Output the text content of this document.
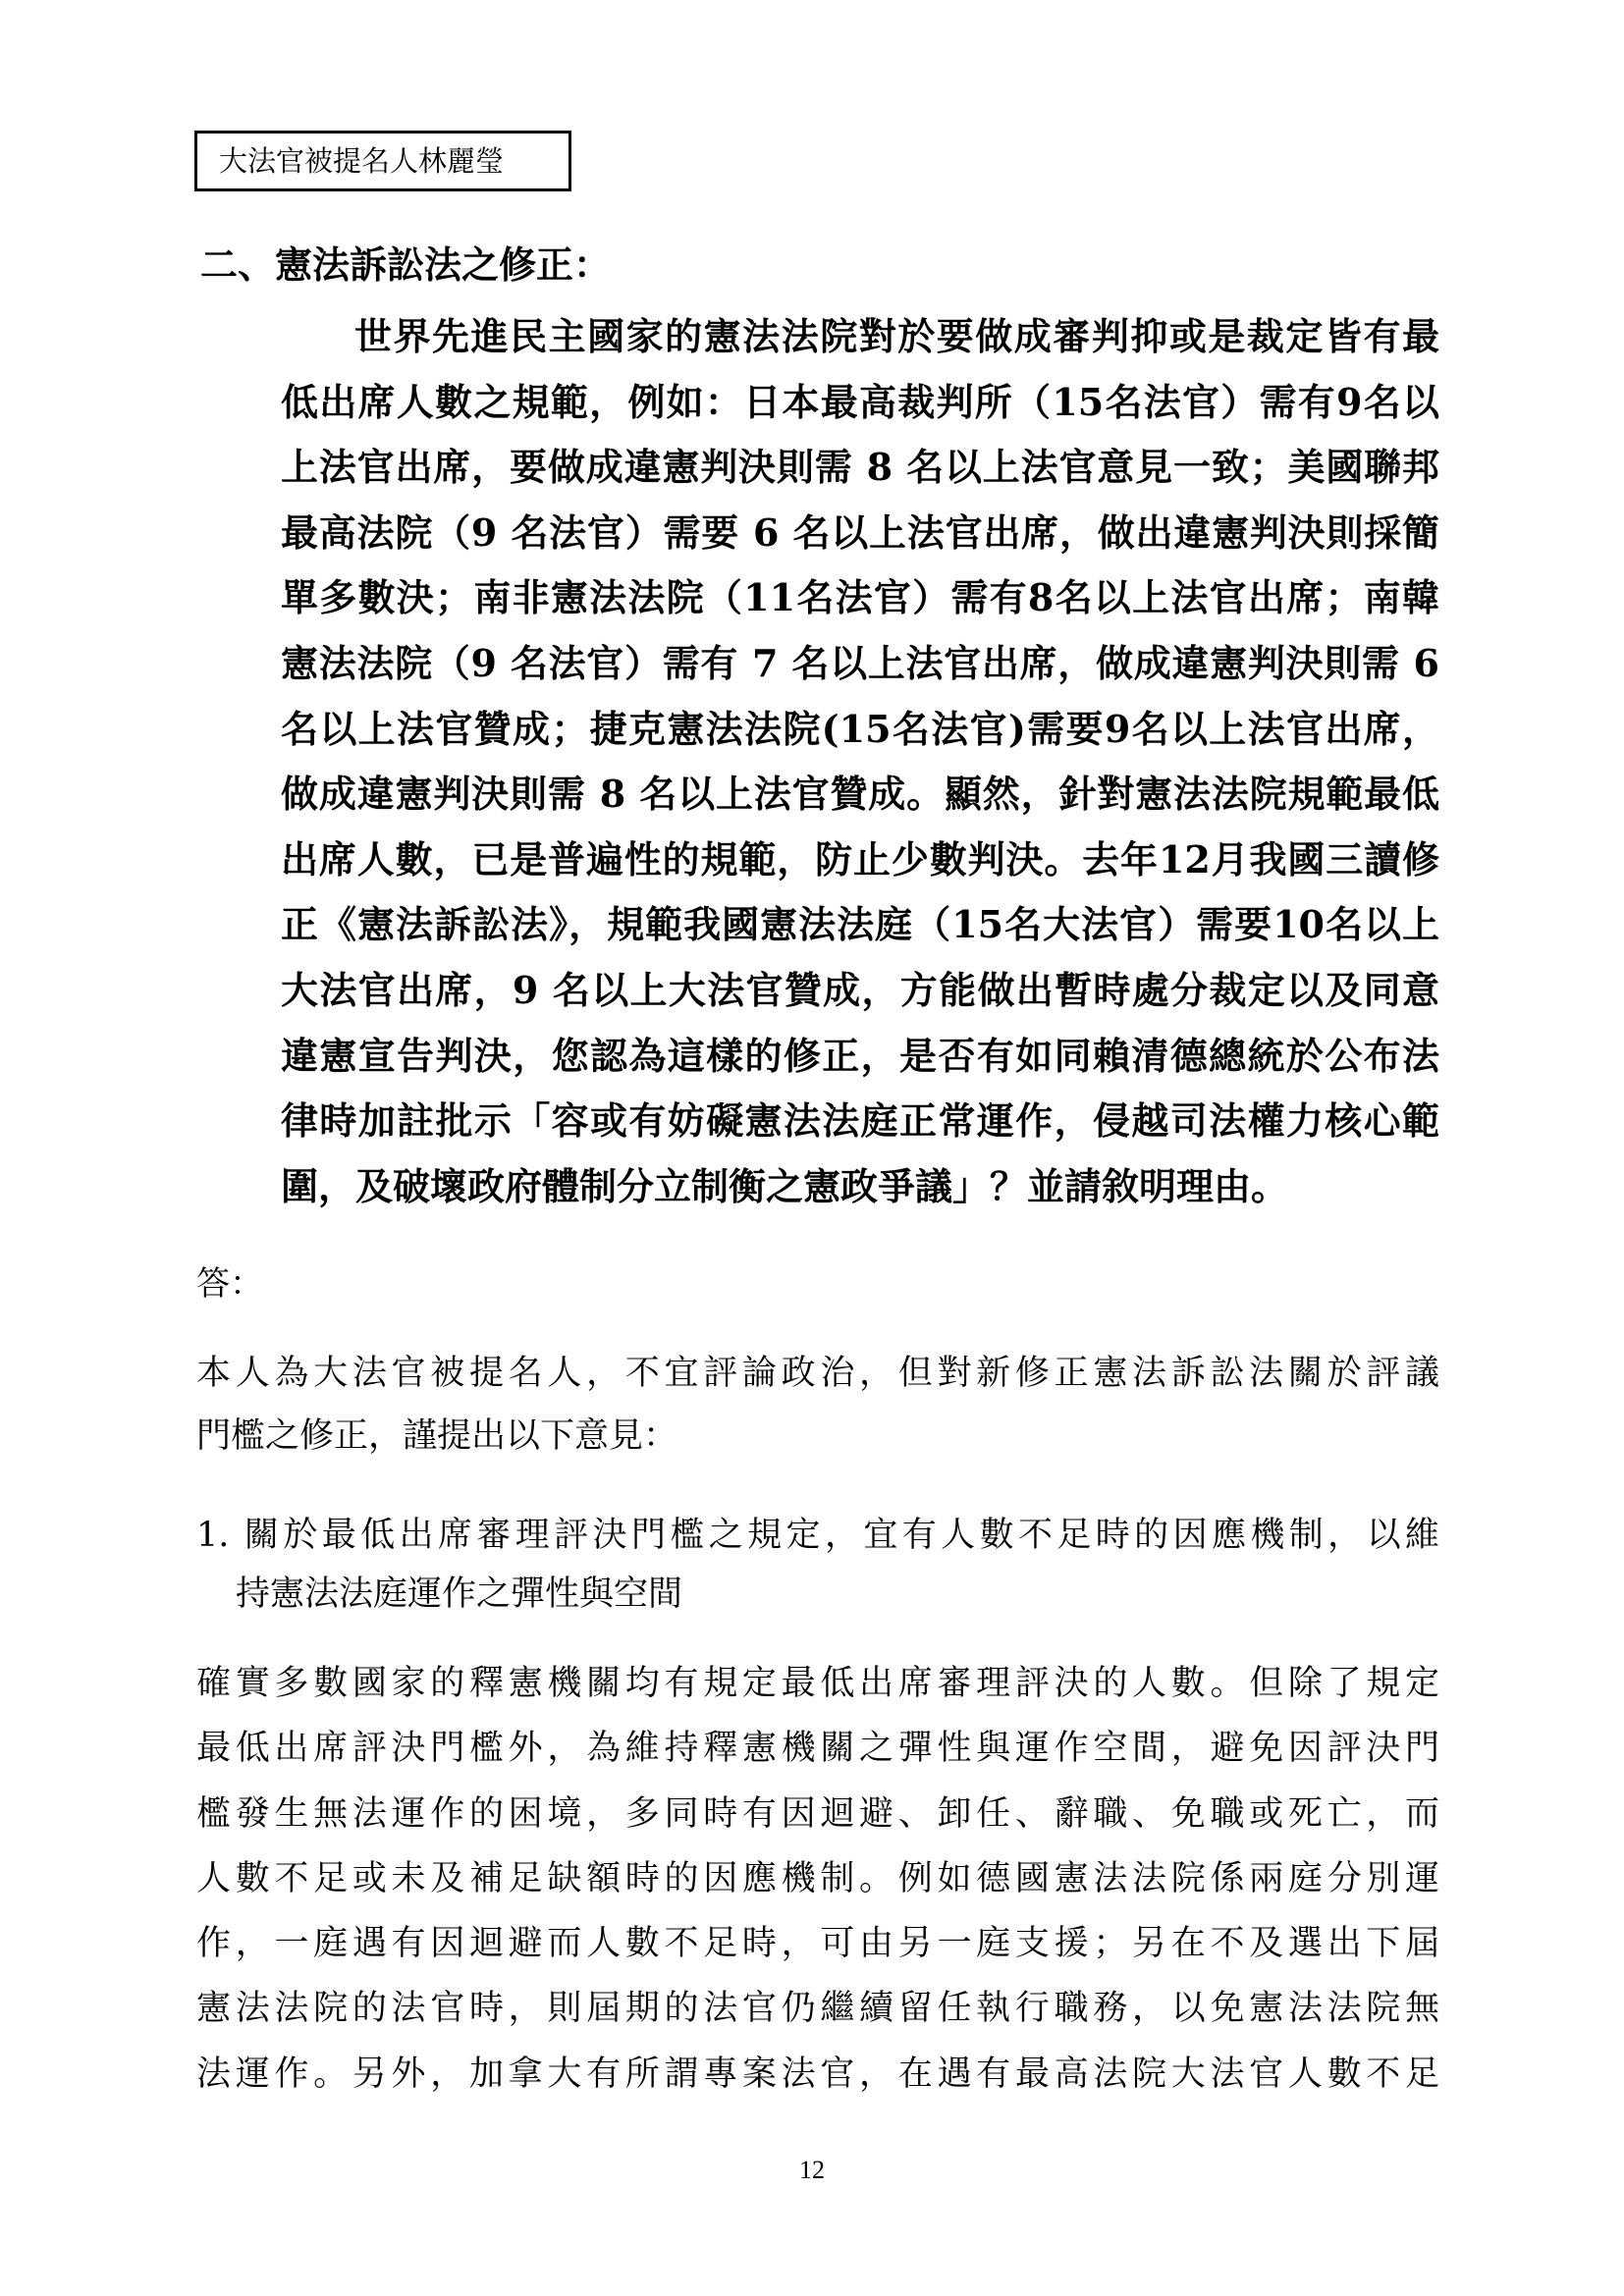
大法官被提名人林麗瑩
二、憲法訴訟法之修正：
世界先進民主國家的憲法法院對於要做成審判抑或是裁定皆有最
低出席人數之規範，例如：日本最高裁判所（15名法官）需有9名以
上法官出席，要做成違憲判決則需 8 名以上法官意見一致；美國聯邦
最高法院（9 名法官）需要 6 名以上法官出席，做出違憲判決則採簡
單多數決；南非憲法法院（11名法官）需有8名以上法官出席；南韓
憲法法院（9 名法官）需有 7 名以上法官出席，做成違憲判決則需 6
名以上法官贊成；捷克憲法法院(15名法官)需要9名以上法官出席，
做成違憲判決則需 8 名以上法官贊成。顯然，針對憲法法院規範最低
出席人數，已是普遍性的規範，防止少數判決。去年12月我國三讀修
正《憲法訴訟法》，規範我國憲法法庭（15名大法官）需要10名以上
大法官出席，9 名以上大法官贊成，方能做出暫時處分裁定以及同意
違憲宣告判決，您認為這樣的修正，是否有如同賴清德總統於公布法
律時加註批示「容或有妨礙憲法法庭正常運作，侵越司法權力核心範
圍，及破壞政府體制分立制衡之憲政爭議」？並請敘明理由。
答：
本人為大法官被提名人，不宜評論政治，但對新修正憲法訴訟法關於評議
門檻之修正，謹提出以下意見：
1. 關於最低出席審理評決門檻之規定，宜有人數不足時的因應機制，以維
持憲法法庭運作之彈性與空間
確實多數國家的釋憲機關均有規定最低出席審理評決的人數。但除了規定
最低出席評決門檻外，為維持釋憲機關之彈性與運作空間，避免因評決門
檻發生無法運作的困境，多同時有因迴避、卸任、辭職、免職或死亡，而
人數不足或未及補足缺額時的因應機制。例如德國憲法法院係兩庭分別運
作，一庭遇有因迴避而人數不足時，可由另一庭支援；另在不及選出下屆
憲法法院的法官時，則屆期的法官仍繼續留任執行職務，以免憲法法院無
法運作。另外，加拿大有所謂專案法官，在遇有最高法院大法官人數不足
12
